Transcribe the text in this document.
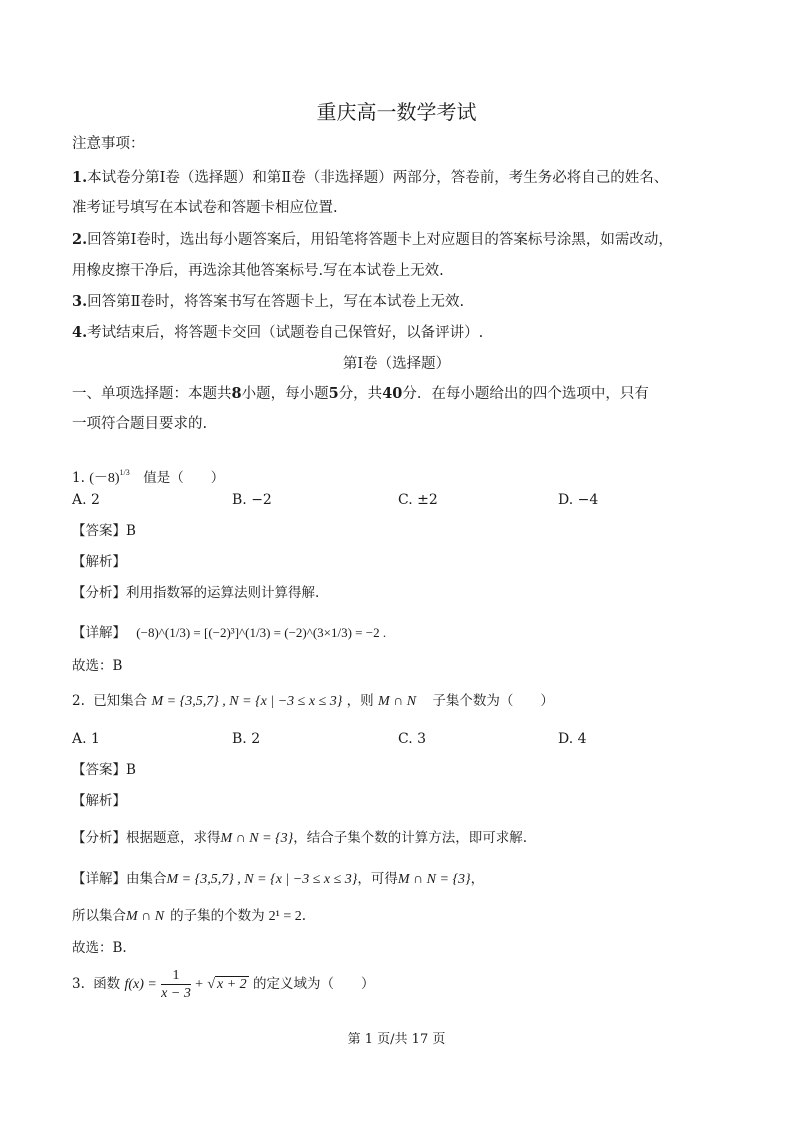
重庆高一数学考试
注意事项：
1.本试卷分第Ⅰ卷（选择题）和第Ⅱ卷（非选择题）两部分，答卷前，考生务必将自己的姓名、
准考证号填写在本试卷和答题卡相应位置.
2.回答第Ⅰ卷时，选出每小题答案后，用铅笔将答题卡上对应题目的答案标号涂黑，如需改动，
用橡皮擦干净后，再选涂其他答案标号.写在本试卷上无效.
3.回答第Ⅱ卷时，将答案书写在答题卡上，写在本试卷上无效.
4.考试结束后，将答题卡交回（试题卷自己保管好，以备评讲）.
第Ⅰ卷（选择题）
一、单项选择题：本题共8小题，每小题5分，共40分．在每小题给出的四个选项中，只有
一项符合题目要求的.
1. $(-8)^{1/3}$ 值是（　　）
A. 2	B. −2	C. ±2	D. −4
【答案】B
【解析】
【分析】利用指数幂的运算法则计算得解.
【详解】 (−8)^(1/3) = [(−2)³]^(1/3) = (−2)^(3×1/3) = −2 .
故选：B
2. 已知集合 M = {3,5,7} , N = {x | −3 ≤ x ≤ 3} ，则 M ∩ N 子集个数为（　　）
A. 1	B. 2	C. 3	D. 4
【答案】B
【解析】
【分析】根据题意，求得M ∩ N = {3}，结合子集个数的计算方法，即可求解.
【详解】由集合M = {3,5,7} , N = {x | −3 ≤ x ≤ 3}，可得M ∩ N = {3}，
所以集合M ∩ N 的子集的个数为 2¹ = 2.
故选：B.
3. 函数 $f(x) = \frac{1}{x - 3}$ + √ x + 2 的定义域为（　　）
第 1 页/共 17 页
